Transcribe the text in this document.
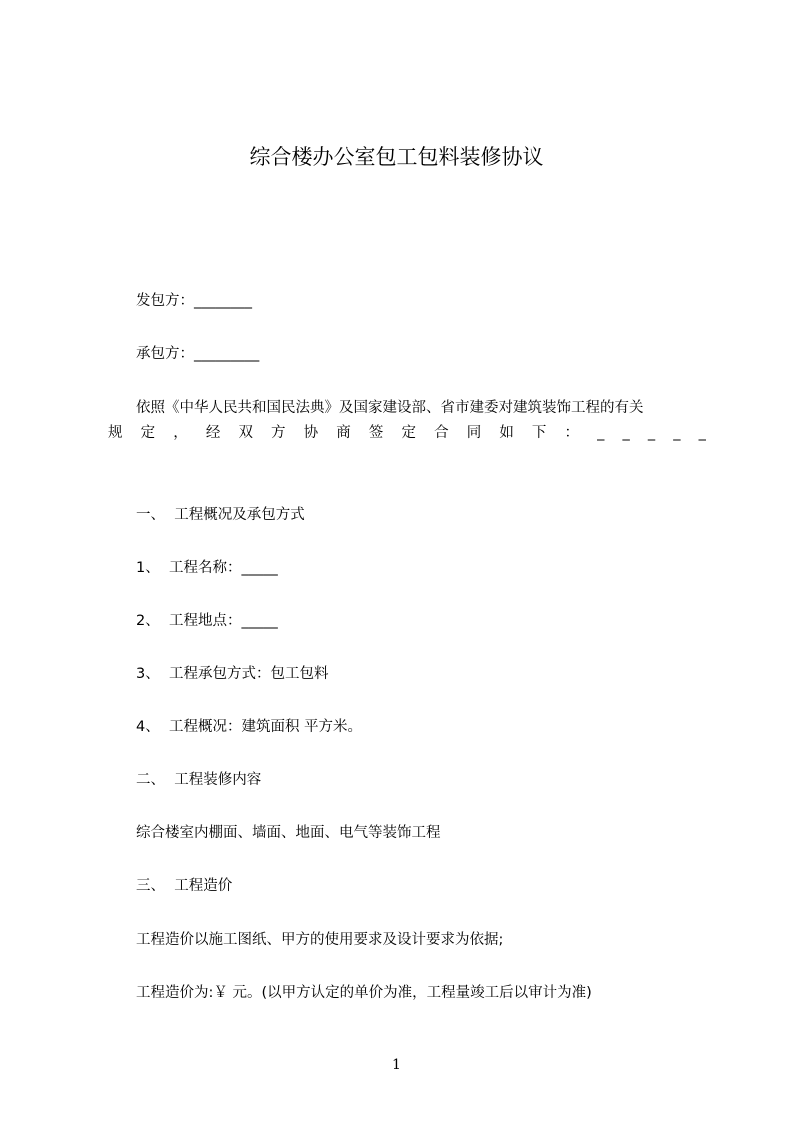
综合楼办公室包工包料装修协议
发包方：________
承包方：_________
依照《中华人民共和国民法典》及国家建设部、省市建委对建筑装饰工程的有关
规 定 ， 经 双 方 协 商 签 定 合 同 如 下 ： _ _ _ _ _
一、  工程概况及承包方式
1、  工程名称：_____
2、  工程地点：_____
3、  工程承包方式：包工包料
4、  工程概况：建筑面积 平方米。
二、  工程装修内容
综合楼室内棚面、墙面、地面、电气等装饰工程
三、  工程造价
工程造价以施工图纸、甲方的使用要求及设计要求为依据;
工程造价为:￥ 元。(以甲方认定的单价为准，工程量竣工后以审计为准)
1
